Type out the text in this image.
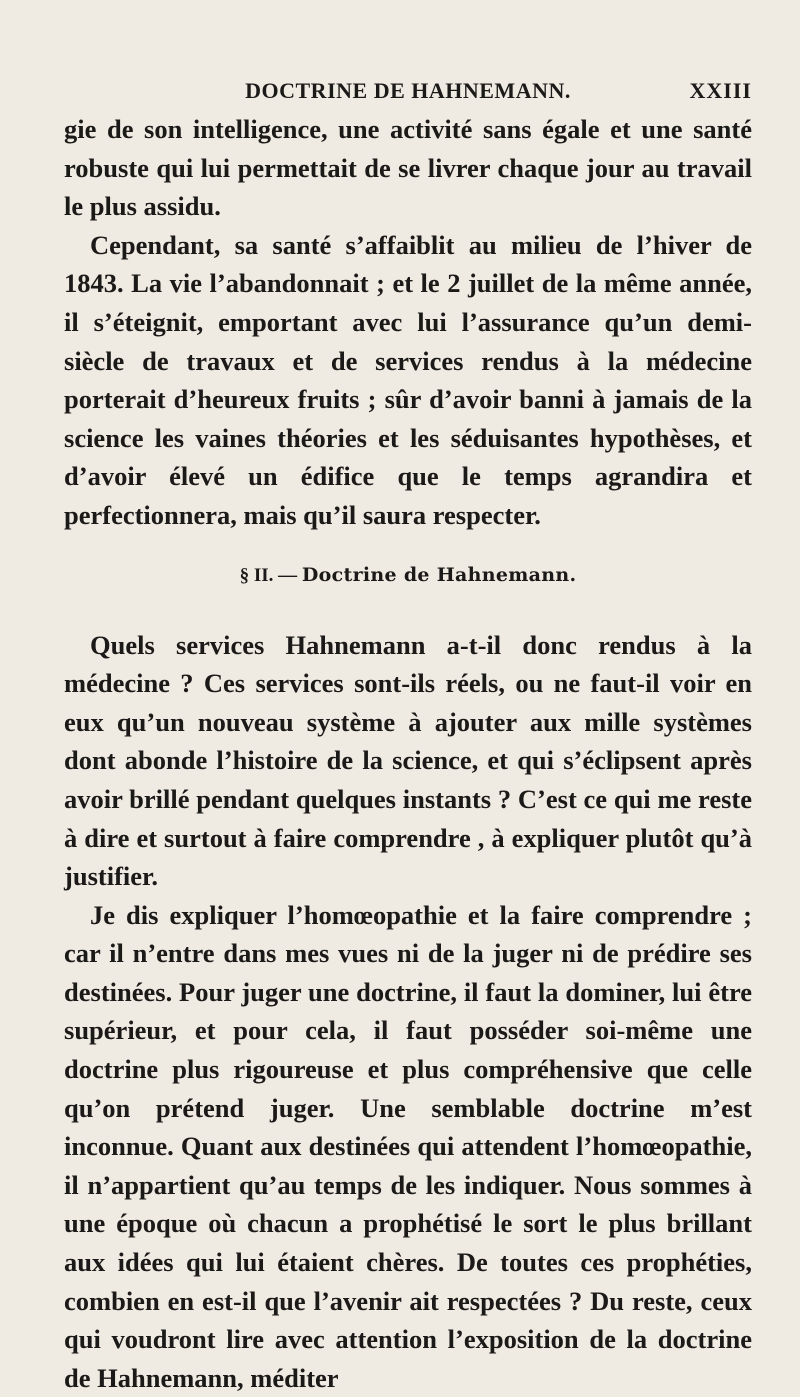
DOCTRINE DE HAHNEMANN.	XXIII

gie de son intelligence, une activité sans égale et une santé robuste qui lui permettait de se livrer chaque jour au travail le plus assidu.

Cependant, sa santé s’affaiblit au milieu de l’hiver de 1843. La vie l’abandonnait ; et le 2 juillet de la même année, il s’éteignit, emportant avec lui l’assurance qu’un demi-siècle de travaux et de services rendus à la médecine porterait d’heureux fruits ; sûr d’avoir banni à jamais de la science les vaines théories et les séduisantes hypothèses, et d’avoir élevé un édifice que le temps agrandira et perfectionnera, mais qu’il saura respecter.

§ II. — Doctrine de Hahnemann.

Quels services Hahnemann a-t-il donc rendus à la médecine ? Ces services sont-ils réels, ou ne faut-il voir en eux qu’un nouveau système à ajouter aux mille systèmes dont abonde l’histoire de la science, et qui s’éclipsent après avoir brillé pendant quelques instants ? C’est ce qui me reste à dire et surtout à faire comprendre , à expliquer plutôt qu’à justifier.

Je dis expliquer l’homœopathie et la faire comprendre ; car il n’entre dans mes vues ni de la juger ni de prédire ses destinées. Pour juger une doctrine, il faut la dominer, lui être supérieur, et pour cela, il faut posséder soi-même une doctrine plus rigoureuse et plus compréhensive que celle qu’on prétend juger. Une semblable doctrine m’est inconnue. Quant aux destinées qui attendent l’homœopathie, il n’appartient qu’au temps de les indiquer. Nous sommes à une époque où chacun a prophétisé le sort le plus brillant aux idées qui lui étaient chères. De toutes ces prophéties, combien en est-il que l’avenir ait respectées ? Du reste, ceux qui voudront lire avec attention l’exposition de la doctrine de Hahnemann, méditer
